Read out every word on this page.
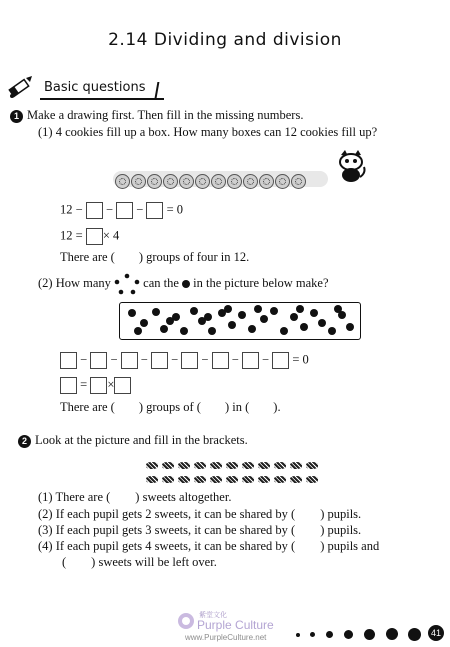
2.14 Dividing and division
Basic questions
1 Make a drawing first. Then fill in the missing numbers.
(1) 4 cookies fill up a box. How many boxes can 12 cookies fill up?
12 −  −  −  = 0
12 = × 4
There are ( ) groups of four in 12.
(2) How many	can the in the picture below make?
−  −  −  −  −  −  −  = 0
= ×
There are ( ) groups of ( ) in ( ).
2 Look at the picture and fill in the brackets.
(1) There are (        ) sweets altogether.
(2) If each pupil gets 2 sweets, it can be shared by (        ) pupils.
(3) If each pupil gets 3 sweets, it can be shared by (        ) pupils.
(4) If each pupil gets 4 sweets, it can be shared by (        ) pupils and
(        ) sweets will be left over.
紫堂文化
Purple Culture
www.PurpleCulture.net	41
